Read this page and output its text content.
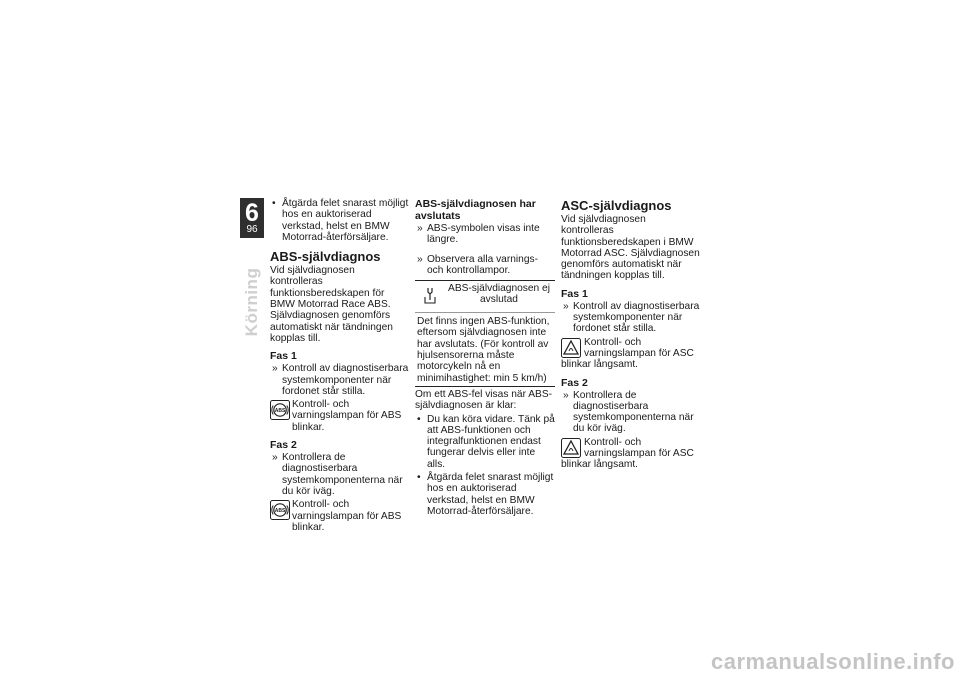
6
96
Körning
• Åtgärda felet snarast möjligt hos en auktoriserad verkstad, helst en BMW Motorrad-återförsäljare.
ABS-självdiagnos

Vid självdiagnosen kontrolleras funktionsberedskapen för BMW Motorrad Race ABS. Självdiagnosen genomförs automatiskt när tändningen kopplas till.

Fas 1
» Kontroll av diagnostiserbara systemkomponenter när fordonet står stilla.
ABS
Kontroll- och varningslampan för ABS blinkar.
Fas 2
» Kontrollera de diagnostiserbara systemkomponenterna när du kör iväg.
ABS
Kontroll- och varningslampan för ABS blinkar.
ABS-självdiagnosen har avslutats
» ABS-symbolen visas inte längre.
» Observera alla varnings- och kontrollampor.
ABS-självdiagnosen ej avslutad
Det finns ingen ABS-funktion, eftersom självdiagnosen inte har avslutats. (För kontroll av hjulsensorerna måste motorcykeln nå en minimihastighet: min 5 km/h)

Om ett ABS-fel visas när ABS-självdiagnosen är klar:

• Du kan köra vidare. Tänk på att ABS-funktionen och integralfunktionen endast fungerar delvis eller inte alls.
• Åtgärda felet snarast möjligt hos en auktoriserad verkstad, helst en BMW Motorrad-återförsäljare.
ASC-självdiagnos

Vid självdiagnosen kontrolleras funktionsberedskapen i BMW Motorrad ASC. Självdiagnosen genomförs automatiskt när tändningen kopplas till.

Fas 1
» Kontroll av diagnostiserbara systemkomponenter när fordonet står stilla.
Kontroll- och varningslampan för ASC blinkar långsamt.
Fas 2
» Kontrollera de diagnostiserbara systemkomponenterna när du kör iväg.
Kontroll- och varningslampan för ASC blinkar långsamt.
carmanualsonline.info
